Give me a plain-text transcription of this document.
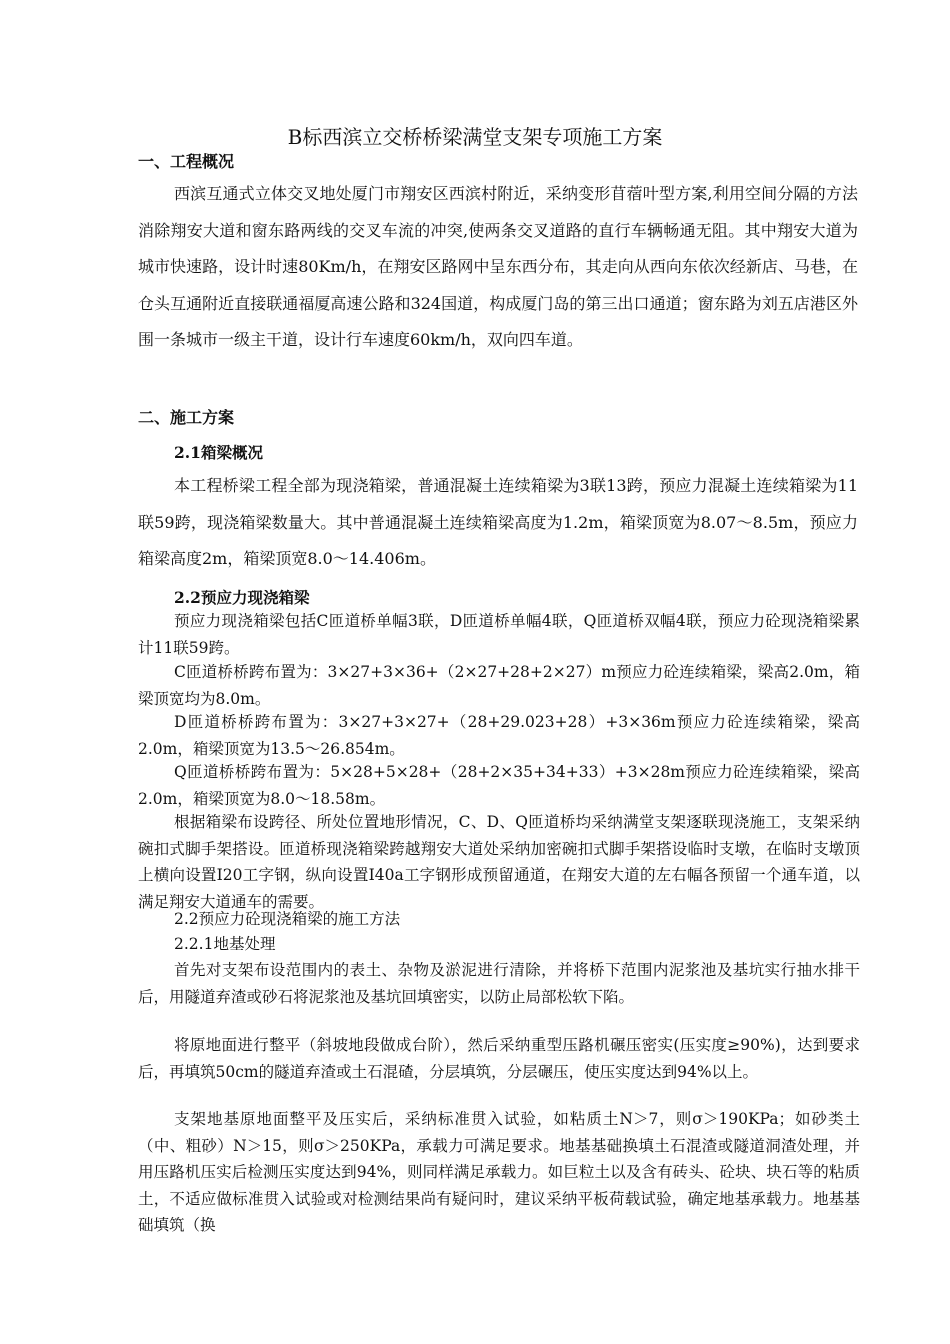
B标西滨立交桥桥梁满堂支架专项施工方案
一、工程概况

西滨互通式立体交叉地处厦门市翔安区西滨村附近，采纳变形苜蓿叶型方案,利用空间分隔的方法消除翔安大道和窗东路两线的交叉车流的冲突,使两条交叉道路的直行车辆畅通无阻。其中翔安大道为城市快速路，设计时速80Km/h，在翔安区路网中呈东西分布，其走向从西向东依次经新店、马巷，在仓头互通附近直接联通福厦高速公路和324国道，构成厦门岛的第三出口通道；窗东路为刘五店港区外围一条城市一级主干道，设计行车速度60km/h，双向四车道。

二、施工方案
2.1箱梁概况

本工程桥梁工程全部为现浇箱梁，普通混凝土连续箱梁为3联13跨，预应力混凝土连续箱梁为11联59跨，现浇箱梁数量大。其中普通混凝土连续箱梁高度为1.2m，箱梁顶宽为8.07～8.5m，预应力箱梁高度2m，箱梁顶宽8.0～14.406m。

2.2预应力现浇箱梁

预应力现浇箱梁包括C匝道桥单幅3联，D匝道桥单幅4联，Q匝道桥双幅4联，预应力砼现浇箱梁累计11联59跨。

C匝道桥桥跨布置为：3×27+3×36+（2×27+28+2×27）m预应力砼连续箱梁，梁高2.0m，箱梁顶宽均为8.0m。

D匝道桥桥跨布置为：3×27+3×27+（28+29.023+28）+3×36m预应力砼连续箱梁，梁高2.0m，箱梁顶宽为13.5～26.854m。

Q匝道桥桥跨布置为：5×28+5×28+（28+2×35+34+33）+3×28m预应力砼连续箱梁，梁高2.0m，箱梁顶宽为8.0～18.58m。

根据箱梁布设跨径、所处位置地形情况，C、D、Q匝道桥均采纳满堂支架逐联现浇施工，支架采纳碗扣式脚手架搭设。匝道桥现浇箱梁跨越翔安大道处采纳加密碗扣式脚手架搭设临时支墩，在临时支墩顶上横向设置I20工字钢，纵向设置I40a工字钢形成预留通道，在翔安大道的左右幅各预留一个通车道，以满足翔安大道通车的需要。

2.2预应力砼现浇箱梁的施工方法

2.2.1地基处理

首先对支架布设范围内的表土、杂物及淤泥进行清除，并将桥下范围内泥浆池及基坑实行抽水排干后，用隧道弃渣或砂石将泥浆池及基坑回填密实，以防止局部松软下陷。

将原地面进行整平（斜坡地段做成台阶），然后采纳重型压路机碾压密实(压实度≥90%)，达到要求后，再填筑50cm的隧道弃渣或土石混碴，分层填筑，分层碾压，使压实度达到94%以上。

支架地基原地面整平及压实后，采纳标准贯入试验，如粘质土N＞7，则σ＞190KPa；如砂类土（中、粗砂）N＞15，则σ＞250KPa，承载力可满足要求。地基基础换填土石混渣或隧道洞渣处理，并用压路机压实后检测压实度达到94%，则同样满足承载力。如巨粒土以及含有砖头、砼块、块石等的粘质土，不适应做标准贯入试验或对检测结果尚有疑问时，建议采纳平板荷载试验，确定地基承载力。地基基础填筑（换
